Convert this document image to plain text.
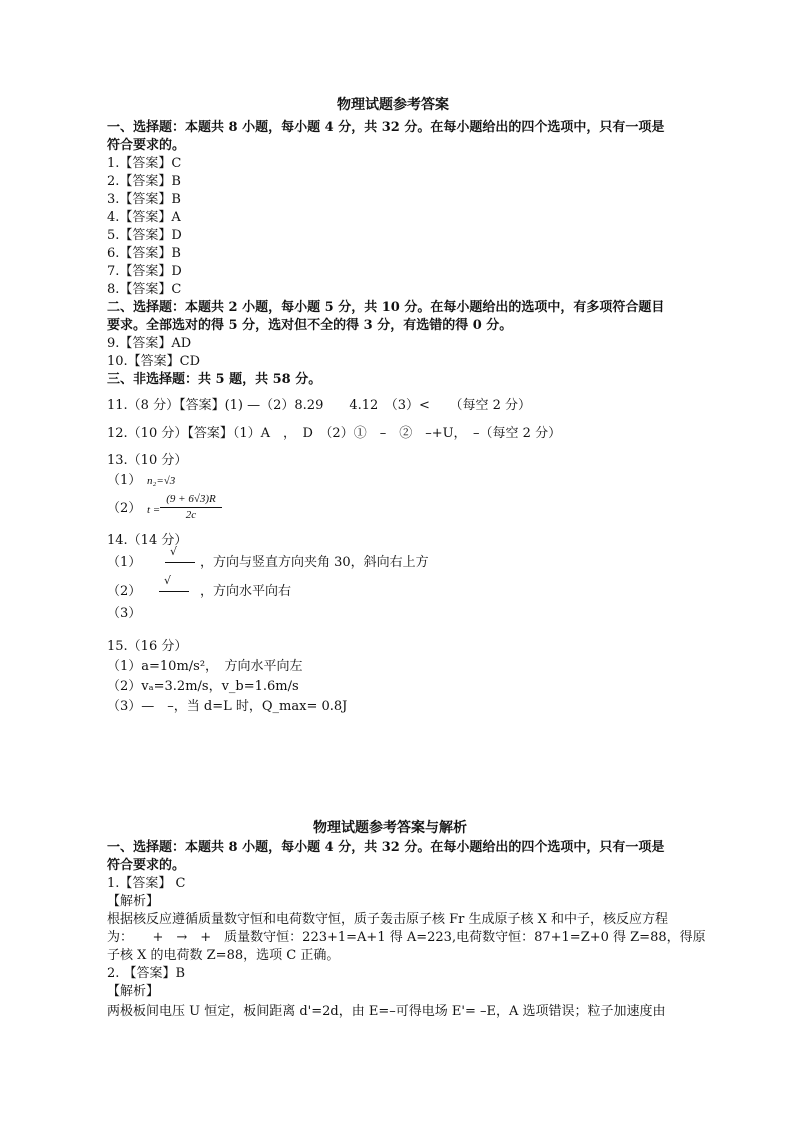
物理试题参考答案
一、选择题：本题共 8 小题，每小题 4 分，共 32 分。在每小题给出的四个选项中，只有一项是
符合要求的。
1.【答案】C
2.【答案】B
3.【答案】B
4.【答案】A
5.【答案】D
6.【答案】B
7.【答案】D
8.【答案】C
二、选择题：本题共 2 小题，每小题 5 分，共 10 分。在每小题给出的选项中，有多项符合题目
要求。全部选对的得 5 分，选对但不全的得 3 分，有选错的得 0 分。
9.【答案】AD
10.【答案】CD
三、非选择题：共 5 题，共 58 分。
11.（8 分）【答案】(1) —（2）8.29　　4.12　（3）<　　（每空 2 分）
12.（10 分）【答案】（1）A　，　D　（2）①　–　②　–+U，　–（每空 2 分）
13.（10 分）
（1） n₂=√3
（2） $t = \frac{(9 + 6√3)R}{2c}$
14.（14 分）
（1）
√
，方向与竖直方向夹角 30，斜向右上方
（2）
√
，方向水平向右
（3）
15.（16 分）
（1）a=10m/s²，　方向水平向左
（2）vₐ=3.2m/s，v_b=1.6m/s
（3）—　–，当 d=L 时，Q_max= 0.8J
物理试题参考答案与解析
一、选择题：本题共 8 小题，每小题 4 分，共 32 分。在每小题给出的四个选项中，只有一项是
符合要求的。
1.【答案】 C
【解析】
根据核反应遵循质量数守恒和电荷数守恒，质子轰击原子核 Fr 生成原子核 X 和中子，核反应方程
为：　　+　→　+　质量数守恒：223+1=A+1 得 A=223,电荷数守恒：87+1=Z+0 得 Z=88，得原
子核 X 的电荷数 Z=88，选项 C 正确。
2. 【答案】B
【解析】
两极板间电压 U 恒定，板间距离 d'=2d，由 E=–可得电场 E'= –E，A 选项错误；粒子加速度由
